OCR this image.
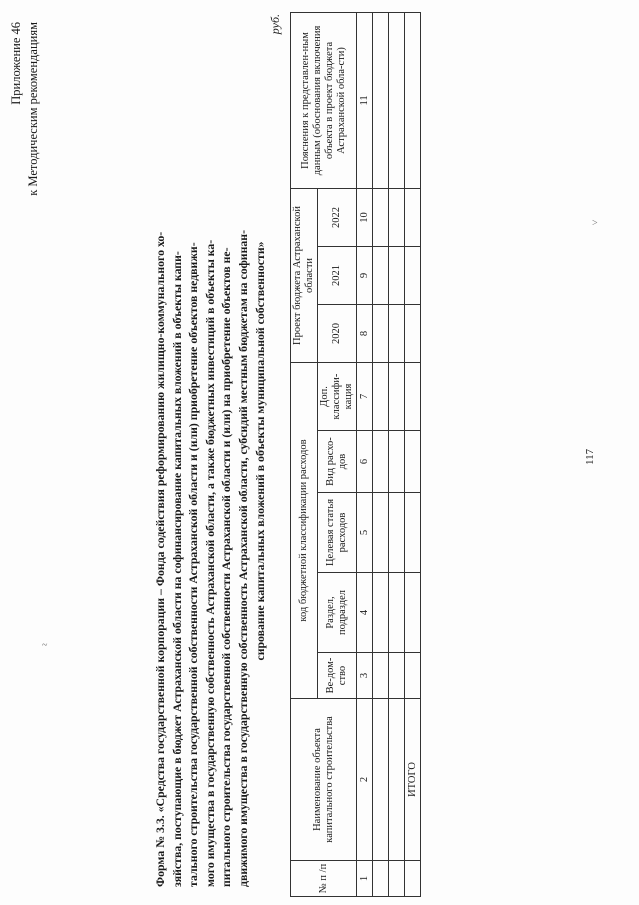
~
>
117
Приложение 46 к Методическим рекомендациям
Форма № 3.3. «Средства государственной корпорации – Фонда содействия реформированию жилищно-коммунального хо- зяйства, поступающие в бюджет Астраханской области на софинансирование капитальных вложений в объекты капи- тального строительства государственной собственности Астраханской области и (или) приобретение объектов недвижи- мого имущества в государственную собственность Астраханской области, а также бюджетных инвестиций в объекты ка- питального строительства государственной собственности Астраханской области и (или) на приобретение объектов не- движимого имущества в государственную собственность Астраханской области, субсидий местным бюджетам на софинан- сирование капитальных вложений в объекты муниципальной собственности»
руб.
№ п /п	Наименование объекта капитального строительства	код бюджетной классификации расходов					Проект бюджета Астраханской области			Пояснения к представлен-ным данным (обоснования включения объекта в проект бюджета Астраханской обла-сти)
		Ве-дом-ство	Раздел, подраздел	Целевая статья расходов	Вид расхо-дов	Доп. классифи-кация	2020	2021	2022	
1	2	3	4	5	6	7	8	9	10	11

	ИТОГО									
